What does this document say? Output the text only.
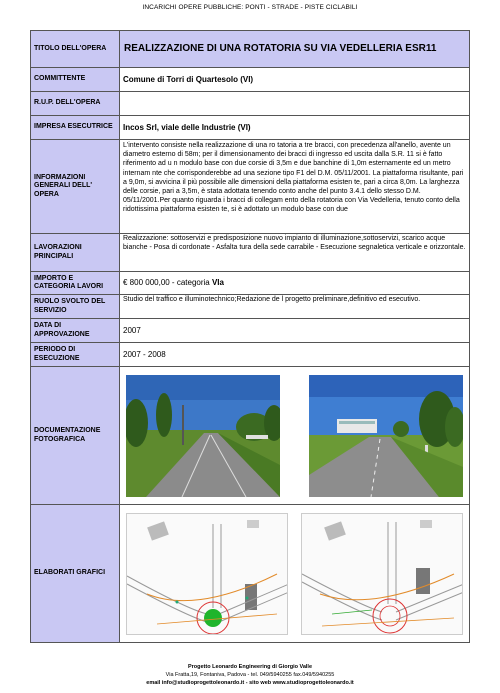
INCARICHI OPERE PUBBLICHE: PONTI - STRADE - PISTE CICLABILI
TITOLO DELL'OPERA	REALIZZAZIONE DI UNA ROTATORIA SU VIA VEDELLERIA ESR11
COMMITTENTE	Comune di Torri di Quartesolo (VI)
R.U.P. DELL'OPERA	
IMPRESA ESECUTRICE	Incos Srl, viale delle Industrie (VI)
INFORMAZIONI GENERALI DELL' OPERA	L'intervento consiste nella realizzazione di una ro tatoria a tre bracci, con precedenza all'anello, avente un diametro esterno di 58m; per il dimensionamento dei bracci di ingresso ed uscita dalla S.R. 11 si è fatto riferimento ad u n modulo base con due corsie di 3,5m e due banchine di 1,0m esternamente ed un metro internam nte che corrisponderebbe ad una sezione tipo F1 del D.M. 05/11/2001. La piattaforma risultante, pari a 9,0m, si avvicina il più possibile alle dimensioni della piattaforma esisten te, pari a circa 8,0m. La larghezza delle corsie, pari a 3,5m, è stata adottata tenendo conto anche del punto 3.4.1 dello stesso D.M. 05/11/2001.Per quanto riguarda i bracci di collegam ento della rotatoria con Via Vedelleria, tenuto conto della ridottissima piattaforma esisten te, si è adottato un modulo base con due

LAVORAZIONI PRINCIPALI	Realizzazione: sottoservizi e predisposizione nuovo impianto di illuminazione,sottoservizi, scarico acque bianche - Posa di cordonate - Asfalta tura della sede carrabile - Esecuzione segnaletica verticale e orizzontale.
IMPORTO E CATEGORIA LAVORI	€ 800 000,00 - categoria VIa
RUOLO SVOLTO DEL SERVIZIO	Studio del traffico e illuminotechnico;Redazione de l progetto preliminare,definitivo ed esecutivo.
DATA DI APPROVAZIONE	2007
PERIODO DI ESECUZIONE	2007 - 2008
DOCUMENTAZIONE FOTOGRAFICA	

ELABORATI GRAFICI	
Progetto Leonardo Engineering di Giorgio Valle
Via Fratta,19, Fontaniva, Padova - tel. 049/5940255 fax.049/5940255
email info@studioprogettoleonardo.it - sito web www.studioprogettoleonardo.it
